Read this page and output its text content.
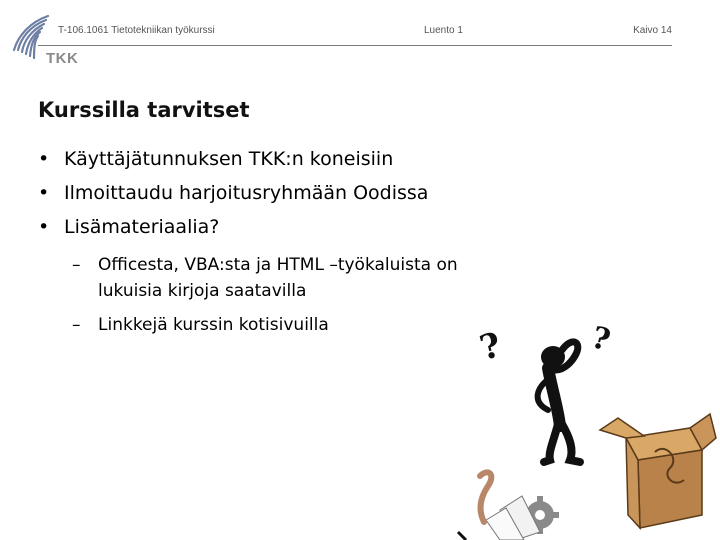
TKK
T-106.1061 Tietotekniikan työkurssi	Luento 1	Kaivo 14
Kurssilla tarvitset
• Käyttäjätunnuksen TKK:n koneisiin
• Ilmoittaudu harjoitusryhmään Oodissa
• Lisämateriaalia?
– Officesta, VBA:sta ja HTML –työkaluista on lukuisia kirjoja saatavilla
– Linkkejä kurssin kotisivuilla
?	?
